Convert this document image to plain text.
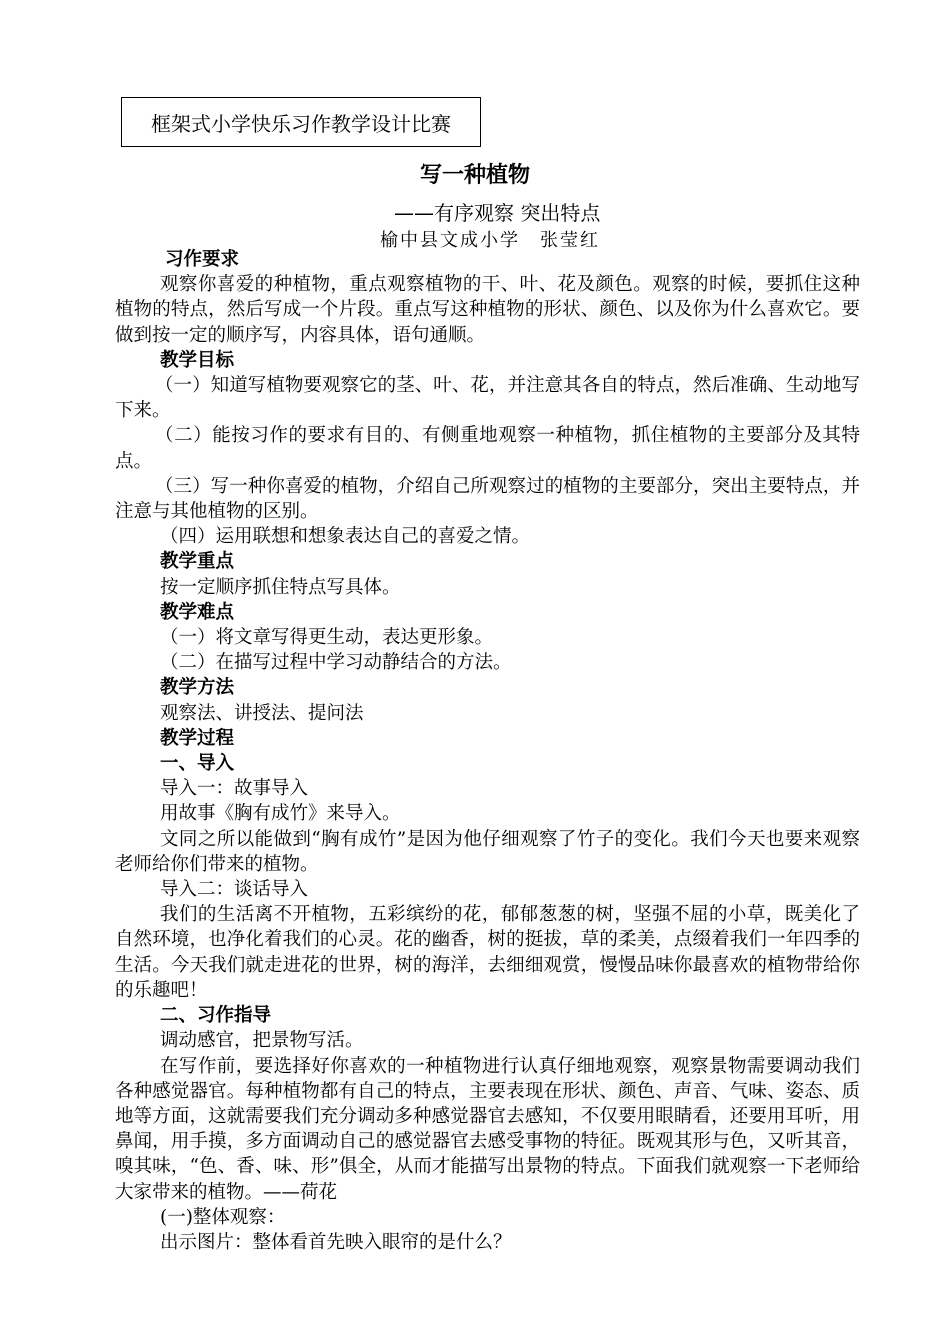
框架式小学快乐习作教学设计比赛
写一种植物
——有序观察 突出特点
榆中县文成小学　张莹红

习作要求

观察你喜爱的种植物，重点观察植物的干、叶、花及颜色。观察的时候，要抓住这种植物的特点，然后写成一个片段。重点写这种植物的形状、颜色、以及你为什么喜欢它。要做到按一定的顺序写，内容具体，语句通顺。

教学目标

（一）知道写植物要观察它的茎、叶、花，并注意其各自的特点，然后准确、生动地写下来。

（二）能按习作的要求有目的、有侧重地观察一种植物，抓住植物的主要部分及其特点。

（三）写一种你喜爱的植物，介绍自己所观察过的植物的主要部分，突出主要特点，并注意与其他植物的区别。

（四）运用联想和想象表达自己的喜爱之情。

教学重点

按一定顺序抓住特点写具体。

教学难点

（一）将文章写得更生动，表达更形象。

（二）在描写过程中学习动静结合的方法。

教学方法

观察法、讲授法、提问法

教学过程

一、导入

导入一：故事导入

用故事《胸有成竹》来导入。

文同之所以能做到“胸有成竹”是因为他仔细观察了竹子的变化。我们今天也要来观察老师给你们带来的植物。

导入二：谈话导入

我们的生活离不开植物，五彩缤纷的花，郁郁葱葱的树，坚强不屈的小草，既美化了自然环境，也净化着我们的心灵。花的幽香，树的挺拔，草的柔美，点缀着我们一年四季的生活。今天我们就走进花的世界，树的海洋，去细细观赏，慢慢品味你最喜欢的植物带给你的乐趣吧！

二、习作指导

调动感官，把景物写活。

在写作前，要选择好你喜欢的一种植物进行认真仔细地观察，观察景物需要调动我们各种感觉器官。每种植物都有自己的特点，主要表现在形状、颜色、声音、气味、姿态、质地等方面，这就需要我们充分调动多种感觉器官去感知，不仅要用眼睛看，还要用耳听，用鼻闻，用手摸，多方面调动自己的感觉器官去感受事物的特征。既观其形与色，又听其音，嗅其味，“色、香、味、形”俱全，从而才能描写出景物的特点。下面我们就观察一下老师给大家带来的植物。——荷花

(一)整体观察：

出示图片：整体看首先映入眼帘的是什么？
